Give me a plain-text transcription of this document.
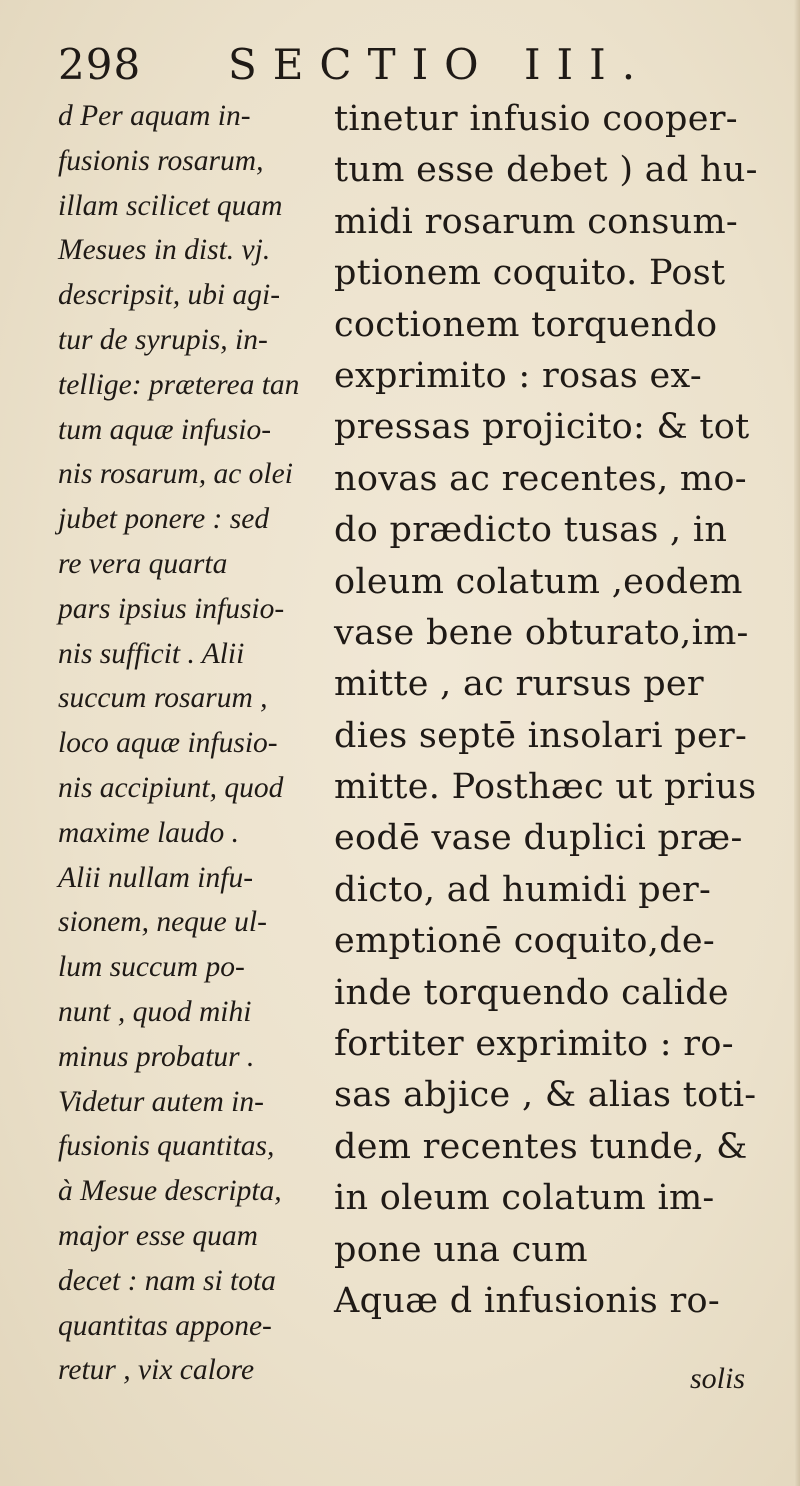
298 SECTIO III.
d Per aquam in-
fusionis rosarum,
illam scilicet quam
Mesues in dist. vj.
descripsit, ubi agi-
tur de syrupis, in-
tellige: præterea tan
tum aquæ infusio-
nis rosarum, ac olei
jubet ponere : sed
re vera quarta
pars ipsius infusio-
nis sufficit . Alii
succum rosarum ,
loco aquæ infusio-
nis accipiunt, quod
maxime laudo .
Alii nullam infu-
sionem, neque ul-
lum succum po-
nunt , quod mihi
minus probatur .
Videtur autem in-
fusionis quantitas,
à Mesue descripta,
major esse quam
decet : nam si tota
quantitas appone-
retur , vix calore
tinetur infusio cooper-
tum esse debet ) ad hu-
midi rosarum consum-
ptionem coquito. Post
coctionem torquendo
exprimito : rosas ex-
pressas projicito: & tot
novas ac recentes, mo-
do prædicto tusas , in
oleum colatum ,eodem
vase bene obturato,im-
mitte , ac rursus per
dies septē insolari per-
mitte. Posthæc ut prius
eodē vase duplici præ-
dicto, ad humidi per-
emptionē coquito,de-
inde torquendo calide
fortiter exprimito : ro-
sas abjice , & alias toti-
dem recentes tunde, &
in oleum colatum im-
pone una cum
Aquæ d infusionis ro-
solis
